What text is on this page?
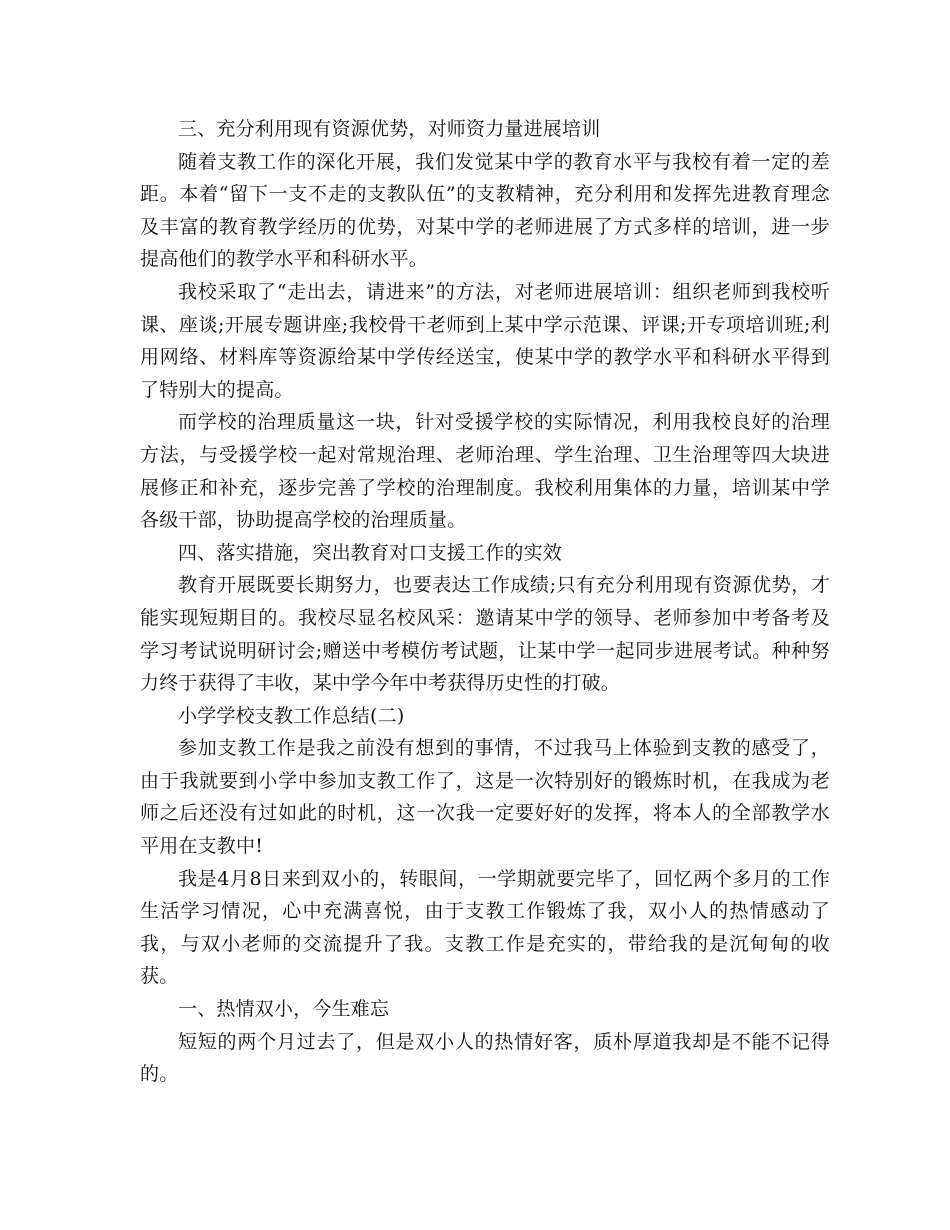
三、充分利用现有资源优势，对师资力量进展培训

随着支教工作的深化开展，我们发觉某中学的教育水平与我校有着一定的差距。本着“留下一支不走的支教队伍”的支教精神，充分利用和发挥先进教育理念及丰富的教育教学经历的优势，对某中学的老师进展了方式多样的培训，进一步提高他们的教学水平和科研水平。

我校采取了“走出去，请进来”的方法，对老师进展培训：组织老师到我校听课、座谈;开展专题讲座;我校骨干老师到上某中学示范课、评课;开专项培训班;利用网络、材料库等资源给某中学传经送宝，使某中学的教学水平和科研水平得到了特别大的提高。

而学校的治理质量这一块，针对受援学校的实际情况，利用我校良好的治理方法，与受援学校一起对常规治理、老师治理、学生治理、卫生治理等四大块进展修正和补充，逐步完善了学校的治理制度。我校利用集体的力量，培训某中学各级干部，协助提高学校的治理质量。

四、落实措施，突出教育对口支援工作的实效

教育开展既要长期努力，也要表达工作成绩;只有充分利用现有资源优势，才能实现短期目的。我校尽显名校风采：邀请某中学的领导、老师参加中考备考及学习考试说明研讨会;赠送中考模仿考试题，让某中学一起同步进展考试。种种努力终于获得了丰收，某中学今年中考获得历史性的打破。

小学学校支教工作总结(二)

参加支教工作是我之前没有想到的事情，不过我马上体验到支教的感受了，由于我就要到小学中参加支教工作了，这是一次特别好的锻炼时机，在我成为老师之后还没有过如此的时机，这一次我一定要好好的发挥，将本人的全部教学水平用在支教中!

我是4月8日来到双小的，转眼间，一学期就要完毕了，回忆两个多月的工作生活学习情况，心中充满喜悦，由于支教工作锻炼了我，双小人的热情感动了我，与双小老师的交流提升了我。支教工作是充实的，带给我的是沉甸甸的收获。

一、热情双小，今生难忘

短短的两个月过去了，但是双小人的热情好客，质朴厚道我却是不能不记得的。
